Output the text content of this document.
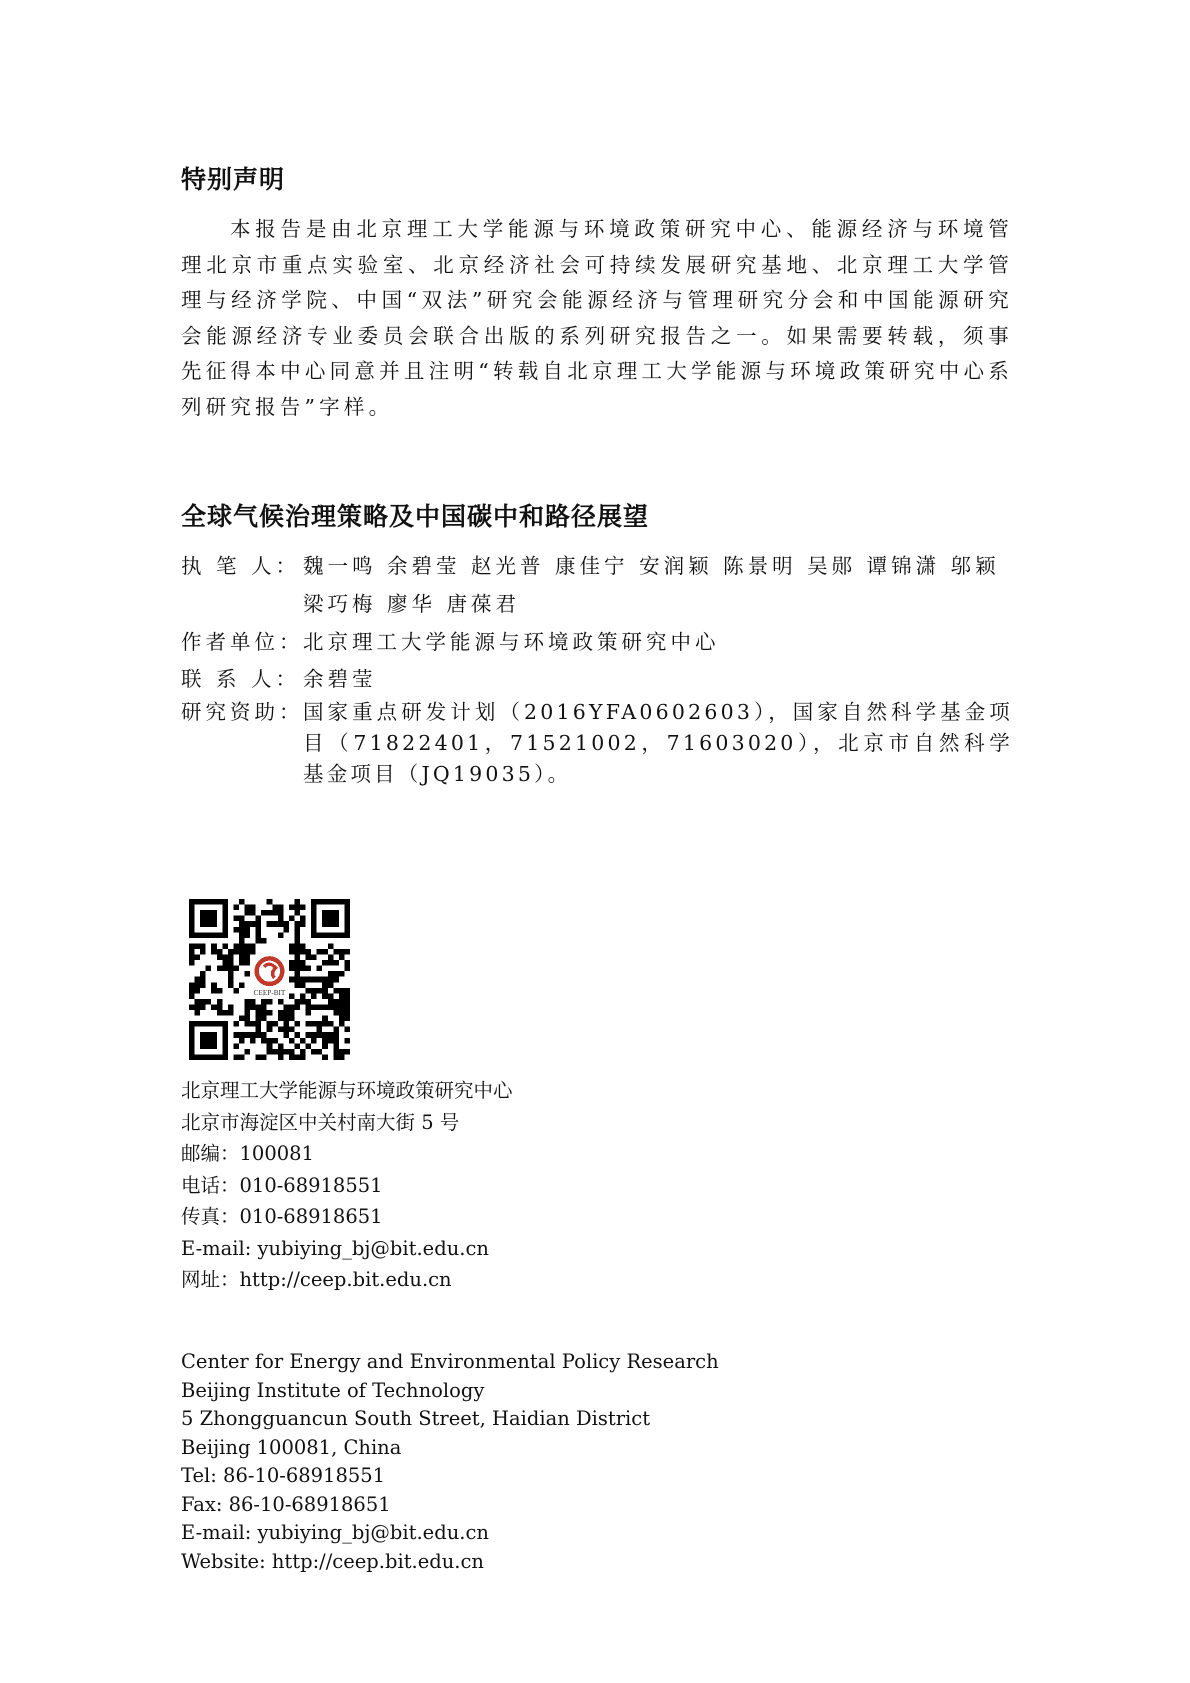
特别声明

本报告是由北京理工大学能源与环境政策研究中心、能源经济与环境管理北京市重点实验室、北京经济社会可持续发展研究基地、北京理工大学管理与经济学院、中国“双法”研究会能源经济与管理研究分会和中国能源研究会能源经济专业委员会联合出版的系列研究报告之一。如果需要转载，须事先征得本中心同意并且注明“转载自北京理工大学能源与环境政策研究中心系列研究报告”字样。

全球气候治理策略及中国碳中和路径展望
执 笔 人： 魏一鸣 余碧莹 赵光普 康佳宁 安润颖 陈景明 吴郧 谭锦潇 邬颖
梁巧梅 廖华 唐葆君
作者单位： 北京理工大学能源与环境政策研究中心
联 系 人： 余碧莹
研究资助： 国家重点研发计划（2016YFA0602603），国家自然科学基金项目（71822401，71521002，71603020），北京市自然科学基金项目（JQ19035）。
CEEP-BIT
北京理工大学能源与环境政策研究中心
北京市海淀区中关村南大街 5 号
邮编：100081
电话：010-68918551
传真：010-68918651
E-mail: yubiying_bj@bit.edu.cn
网址：http://ceep.bit.edu.cn
Center for Energy and Environmental Policy Research
Beijing Institute of Technology
5 Zhongguancun South Street, Haidian District
Beijing 100081, China
Tel: 86-10-68918551
Fax: 86-10-68918651
E-mail: yubiying_bj@bit.edu.cn
Website: http://ceep.bit.edu.cn
